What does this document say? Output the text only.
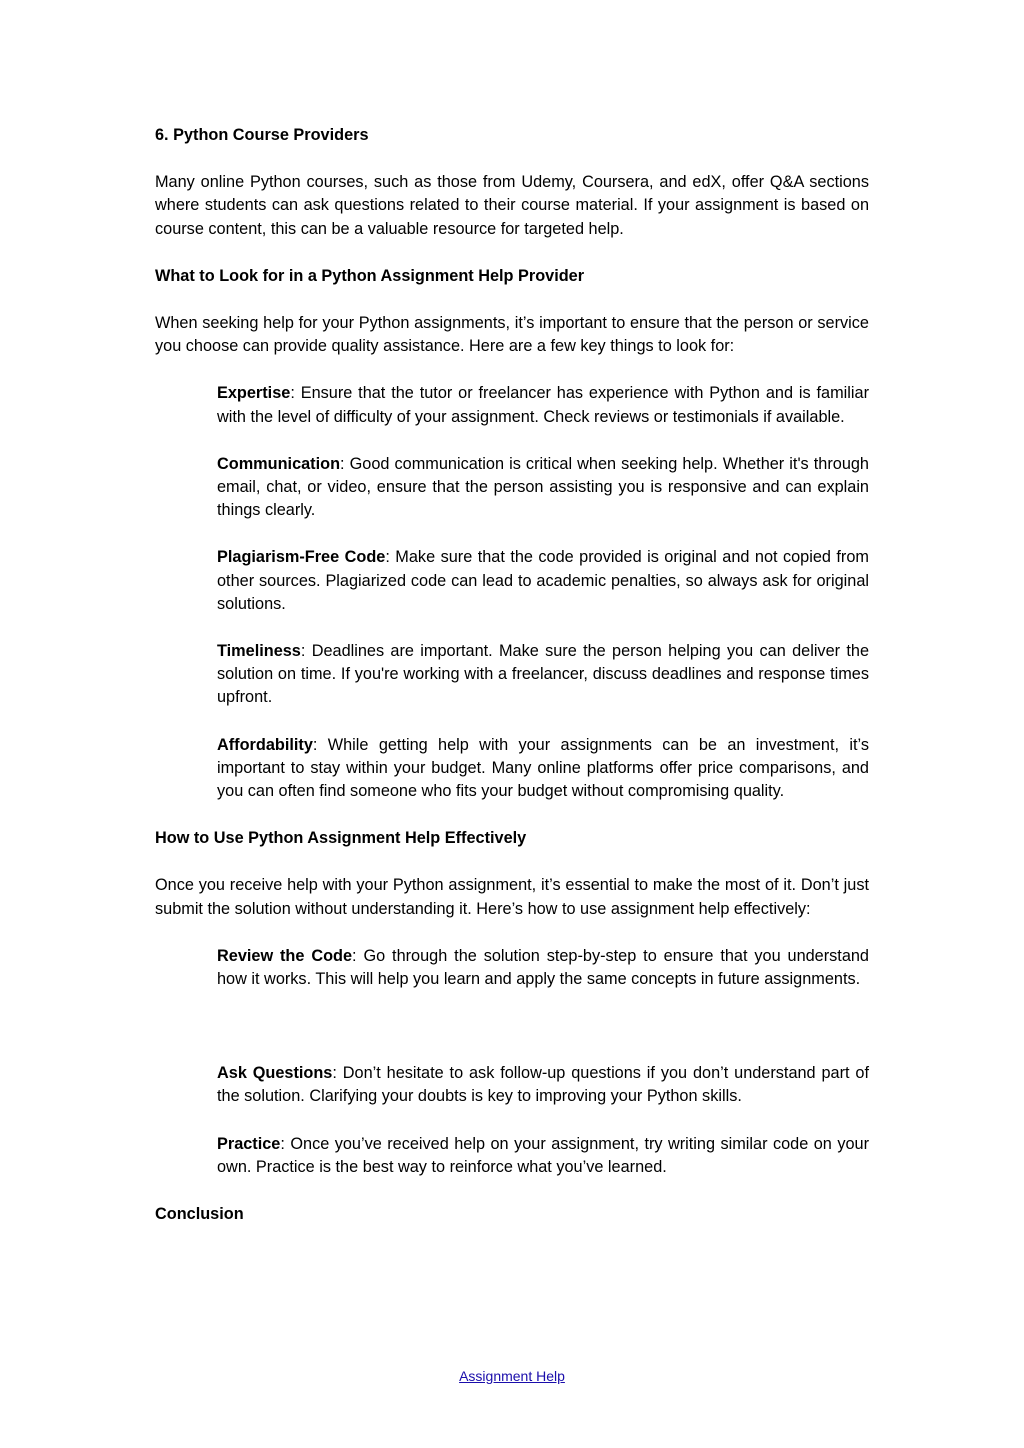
6. Python Course Providers

Many online Python courses, such as those from Udemy, Coursera, and edX, offer Q&A sections where students can ask questions related to their course material. If your assignment is based on course content, this can be a valuable resource for targeted help.

What to Look for in a Python Assignment Help Provider

When seeking help for your Python assignments, it’s important to ensure that the person or service you choose can provide quality assistance. Here are a few key things to look for:

Expertise: Ensure that the tutor or freelancer has experience with Python and is familiar with the level of difficulty of your assignment. Check reviews or testimonials if available.

Communication: Good communication is critical when seeking help. Whether it's through email, chat, or video, ensure that the person assisting you is responsive and can explain things clearly.

Plagiarism-Free Code: Make sure that the code provided is original and not copied from other sources. Plagiarized code can lead to academic penalties, so always ask for original solutions.

Timeliness: Deadlines are important. Make sure the person helping you can deliver the solution on time. If you're working with a freelancer, discuss deadlines and response times upfront.

Affordability: While getting help with your assignments can be an investment, it’s important to stay within your budget. Many online platforms offer price comparisons, and you can often find someone who fits your budget without compromising quality.

How to Use Python Assignment Help Effectively

Once you receive help with your Python assignment, it’s essential to make the most of it. Don’t just submit the solution without understanding it. Here’s how to use assignment help effectively:

Review the Code: Go through the solution step-by-step to ensure that you understand how it works. This will help you learn and apply the same concepts in future assignments.

Ask Questions: Don’t hesitate to ask follow-up questions if you don’t understand part of the solution. Clarifying your doubts is key to improving your Python skills.

Practice: Once you’ve received help on your assignment, try writing similar code on your own. Practice is the best way to reinforce what you’ve learned.

Conclusion

Assignment Help
